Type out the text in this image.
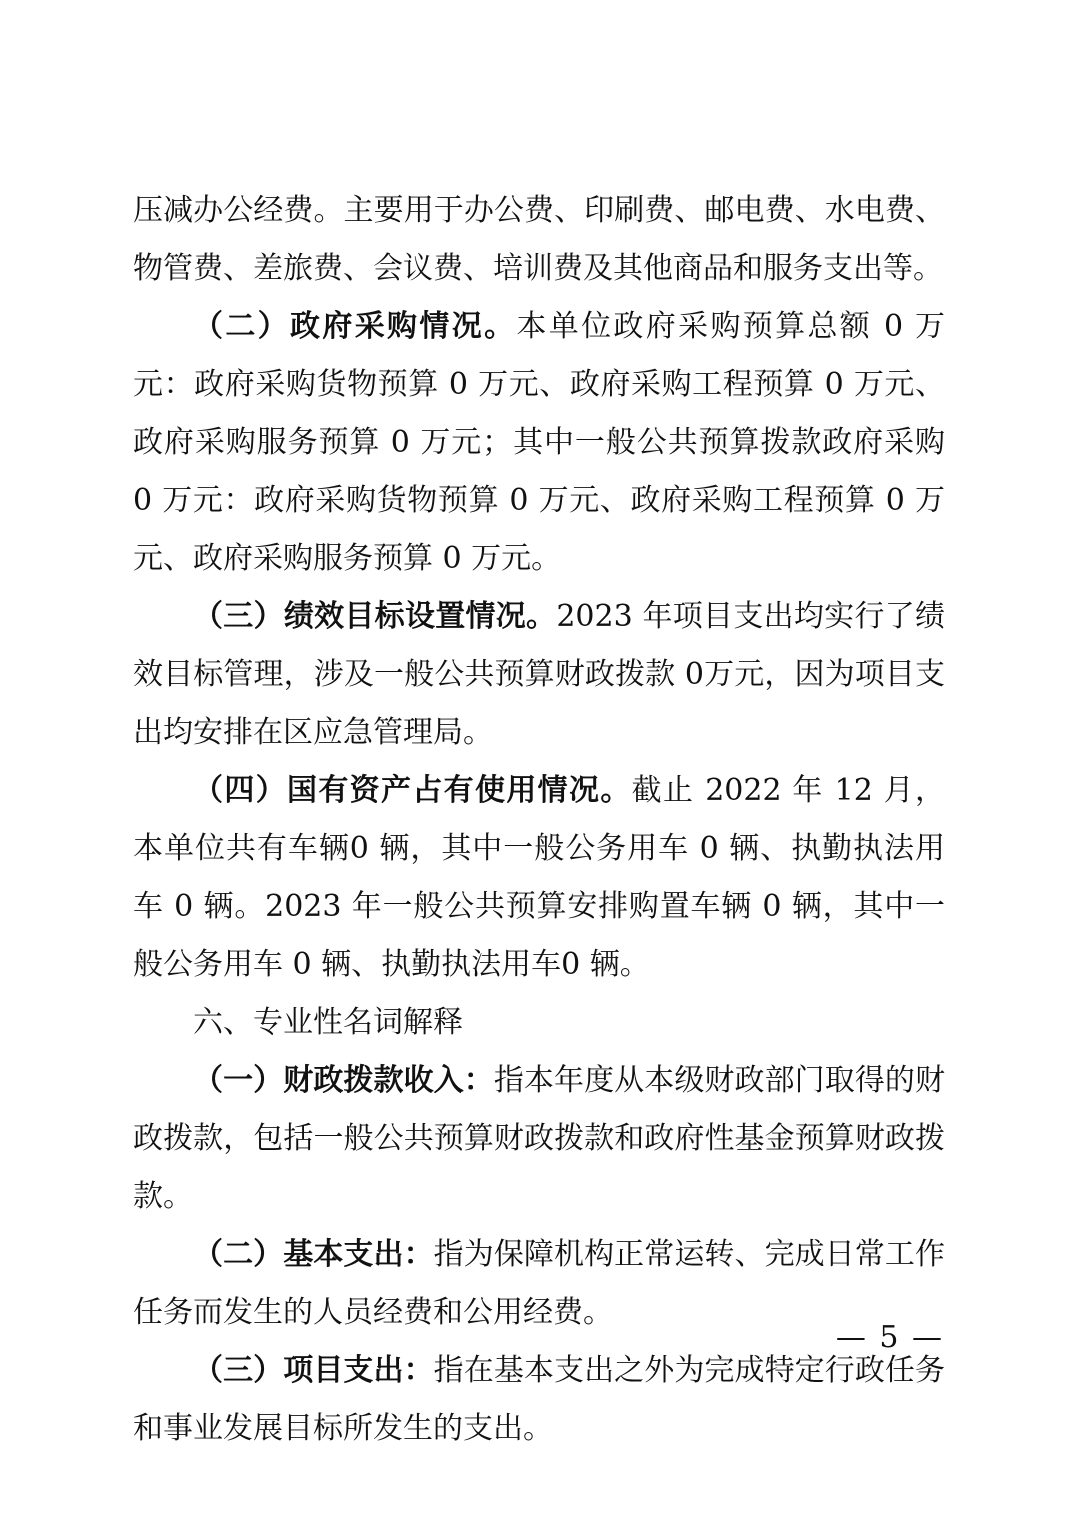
压减办公经费。主要用于办公费、印刷费、邮电费、水电费、物管费、差旅费、会议费、培训费及其他商品和服务支出等。

（二）政府采购情况。本单位政府采购预算总额 0 万元：政府采购货物预算 0 万元、政府采购工程预算 0 万元、政府采购服务预算 0 万元；其中一般公共预算拨款政府采购 0 万元：政府采购货物预算 0 万元、政府采购工程预算 0 万元、政府采购服务预算 0 万元。

（三）绩效目标设置情况。2023 年项目支出均实行了绩效目标管理，涉及一般公共预算财政拨款 0万元，因为项目支出均安排在区应急管理局。

（四）国有资产占有使用情况。截止 2022 年 12 月，本单位共有车辆0 辆，其中一般公务用车 0 辆、执勤执法用车 0 辆。2023 年一般公共预算安排购置车辆 0 辆，其中一般公务用车 0 辆、执勤执法用车0 辆。

六、专业性名词解释

（一）财政拨款收入：指本年度从本级财政部门取得的财政拨款，包括一般公共预算财政拨款和政府性基金预算财政拨款。

（二）基本支出：指为保障机构正常运转、完成日常工作任务而发生的人员经费和公用经费。

（三）项目支出：指在基本支出之外为完成特定行政任务和事业发展目标所发生的支出。

— 5 —
